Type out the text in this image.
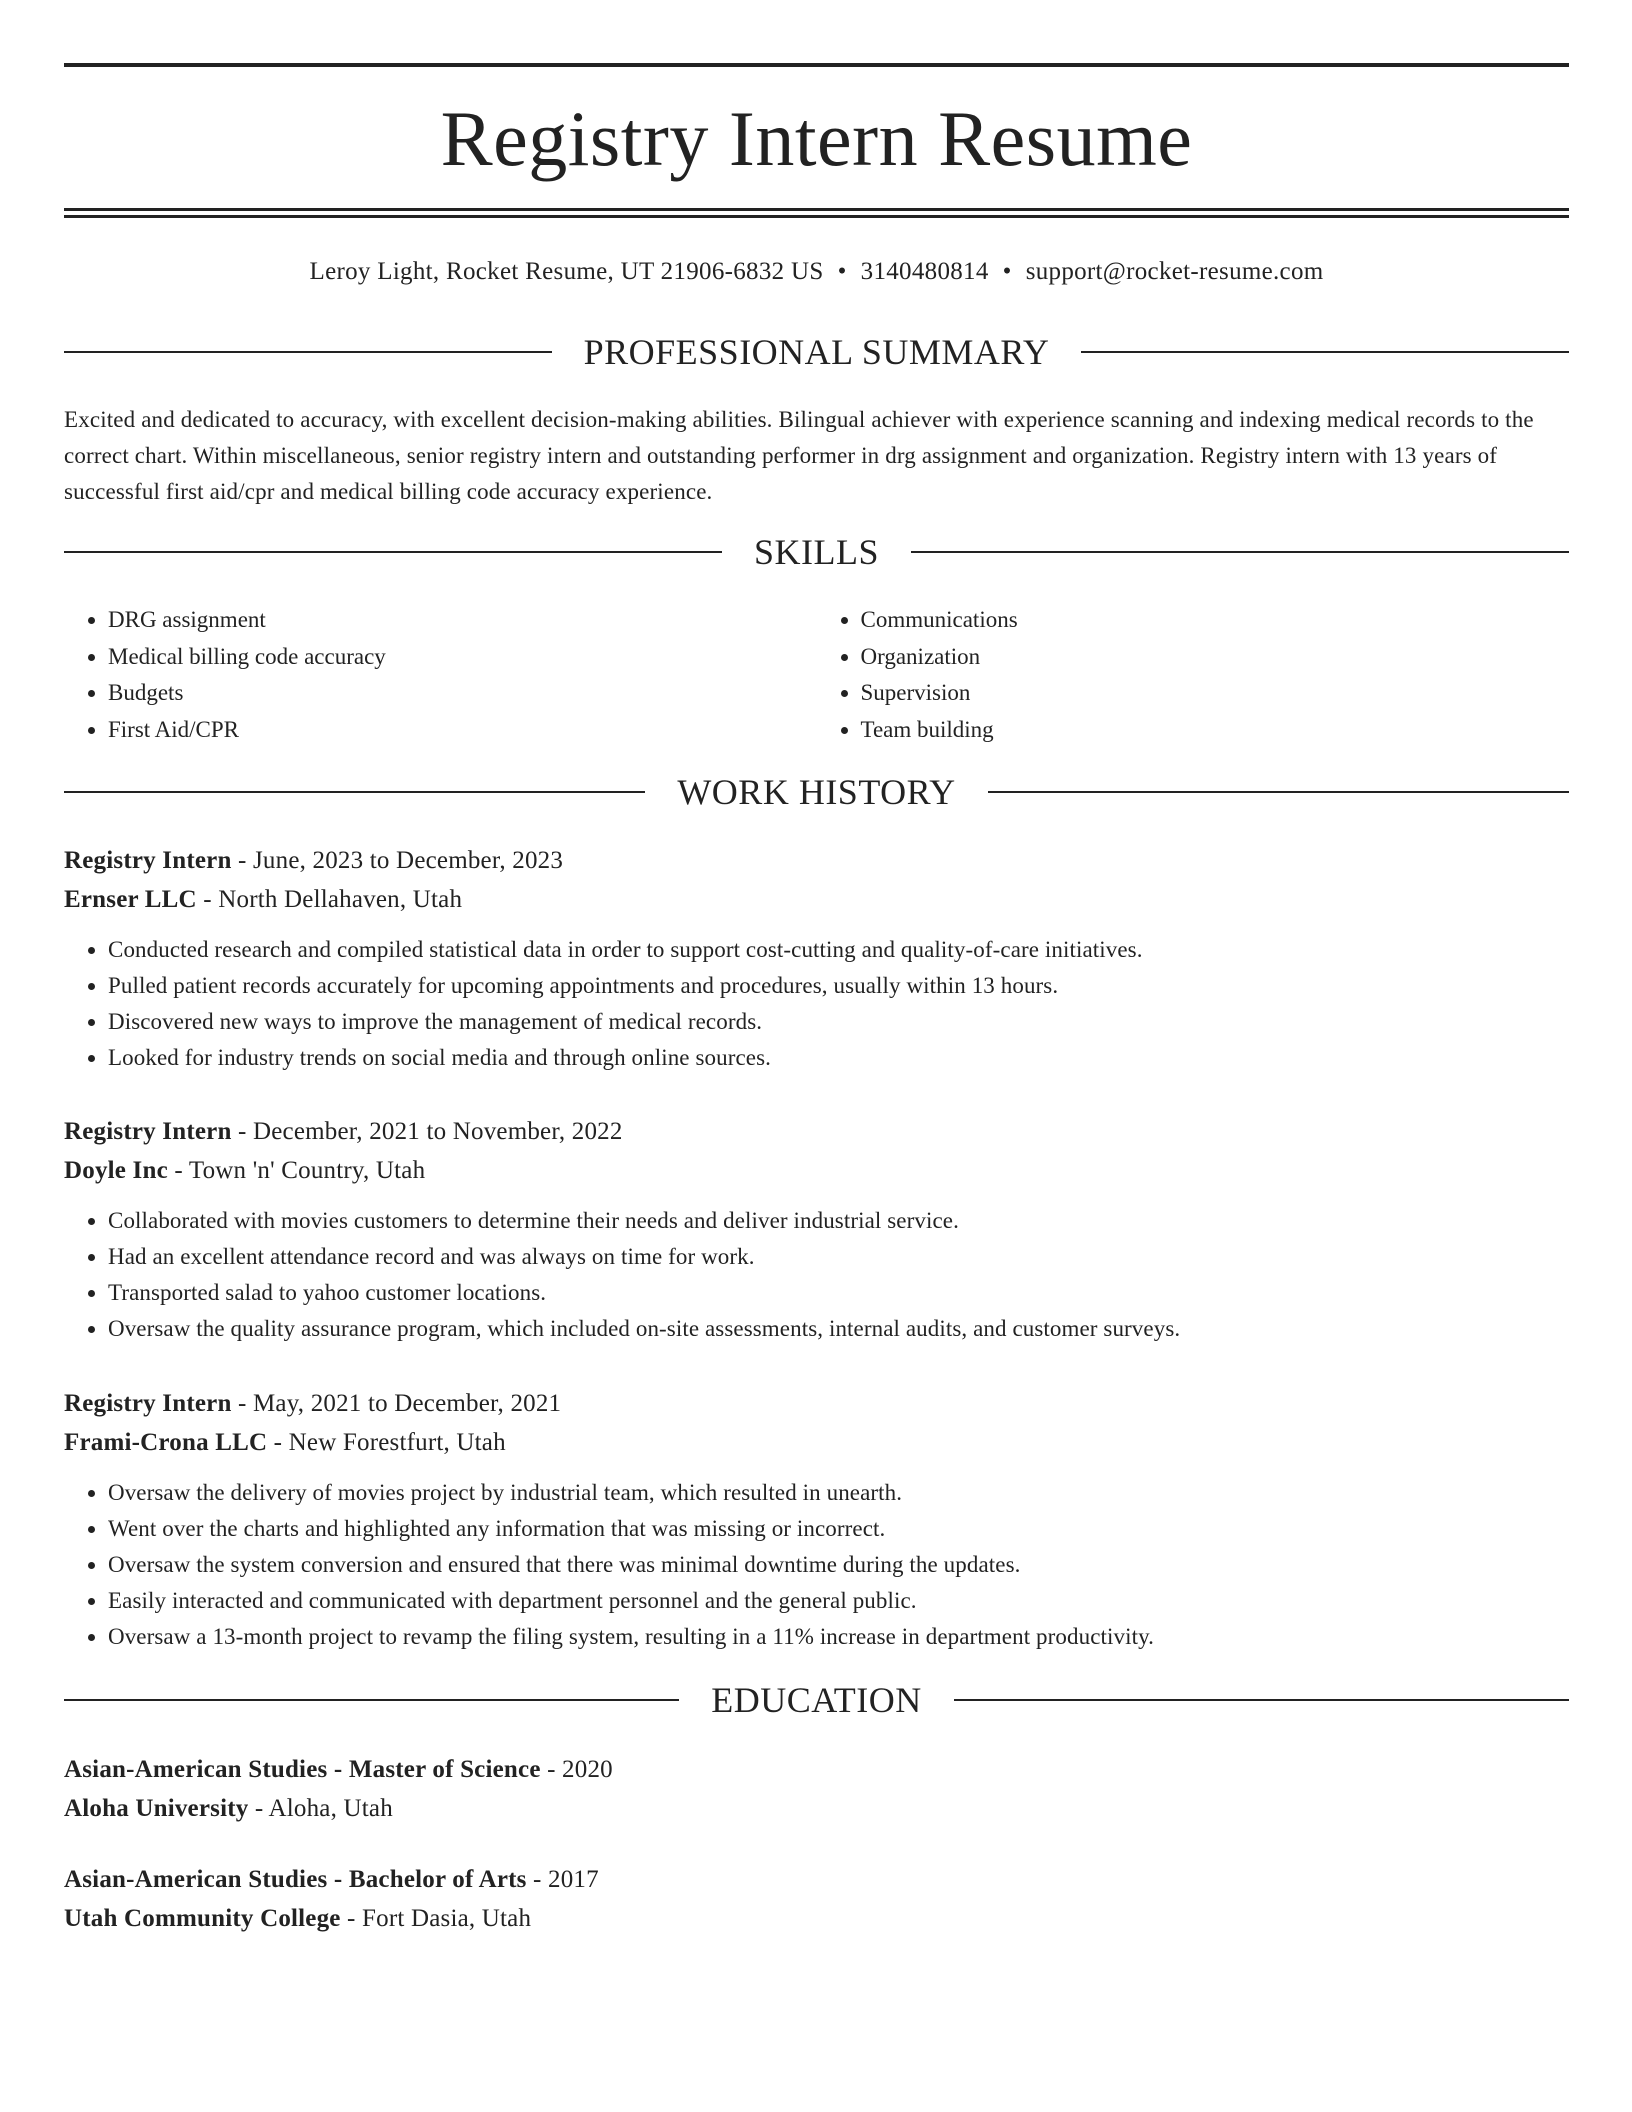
Registry Intern Resume
Leroy Light, Rocket Resume, UT 21906-6832 US • 3140480814 • support@rocket-resume.com
PROFESSIONAL SUMMARY

Excited and dedicated to accuracy, with excellent decision-making abilities. Bilingual achiever with experience scanning and indexing medical records to the correct chart. Within miscellaneous, senior registry intern and outstanding performer in drg assignment and organization. Registry intern with 13 years of successful first aid/cpr and medical billing code accuracy experience.

SKILLS
• DRG assignment
• Medical billing code accuracy
• Budgets
• First Aid/CPR
• Communications
• Organization
• Supervision
• Team building
WORK HISTORY
Registry Intern - June, 2023 to December, 2023
Ernser LLC - North Dellahaven, Utah
• Conducted research and compiled statistical data in order to support cost-cutting and quality-of-care initiatives.
• Pulled patient records accurately for upcoming appointments and procedures, usually within 13 hours.
• Discovered new ways to improve the management of medical records.
• Looked for industry trends on social media and through online sources.
Registry Intern - December, 2021 to November, 2022
Doyle Inc - Town 'n' Country, Utah
• Collaborated with movies customers to determine their needs and deliver industrial service.
• Had an excellent attendance record and was always on time for work.
• Transported salad to yahoo customer locations.
• Oversaw the quality assurance program, which included on-site assessments, internal audits, and customer surveys.
Registry Intern - May, 2021 to December, 2021
Frami-Crona LLC - New Forestfurt, Utah
• Oversaw the delivery of movies project by industrial team, which resulted in unearth.
• Went over the charts and highlighted any information that was missing or incorrect.
• Oversaw the system conversion and ensured that there was minimal downtime during the updates.
• Easily interacted and communicated with department personnel and the general public.
• Oversaw a 13-month project to revamp the filing system, resulting in a 11% increase in department productivity.
EDUCATION
Asian-American Studies - Master of Science - 2020
Aloha University - Aloha, Utah
Asian-American Studies - Bachelor of Arts - 2017
Utah Community College - Fort Dasia, Utah
